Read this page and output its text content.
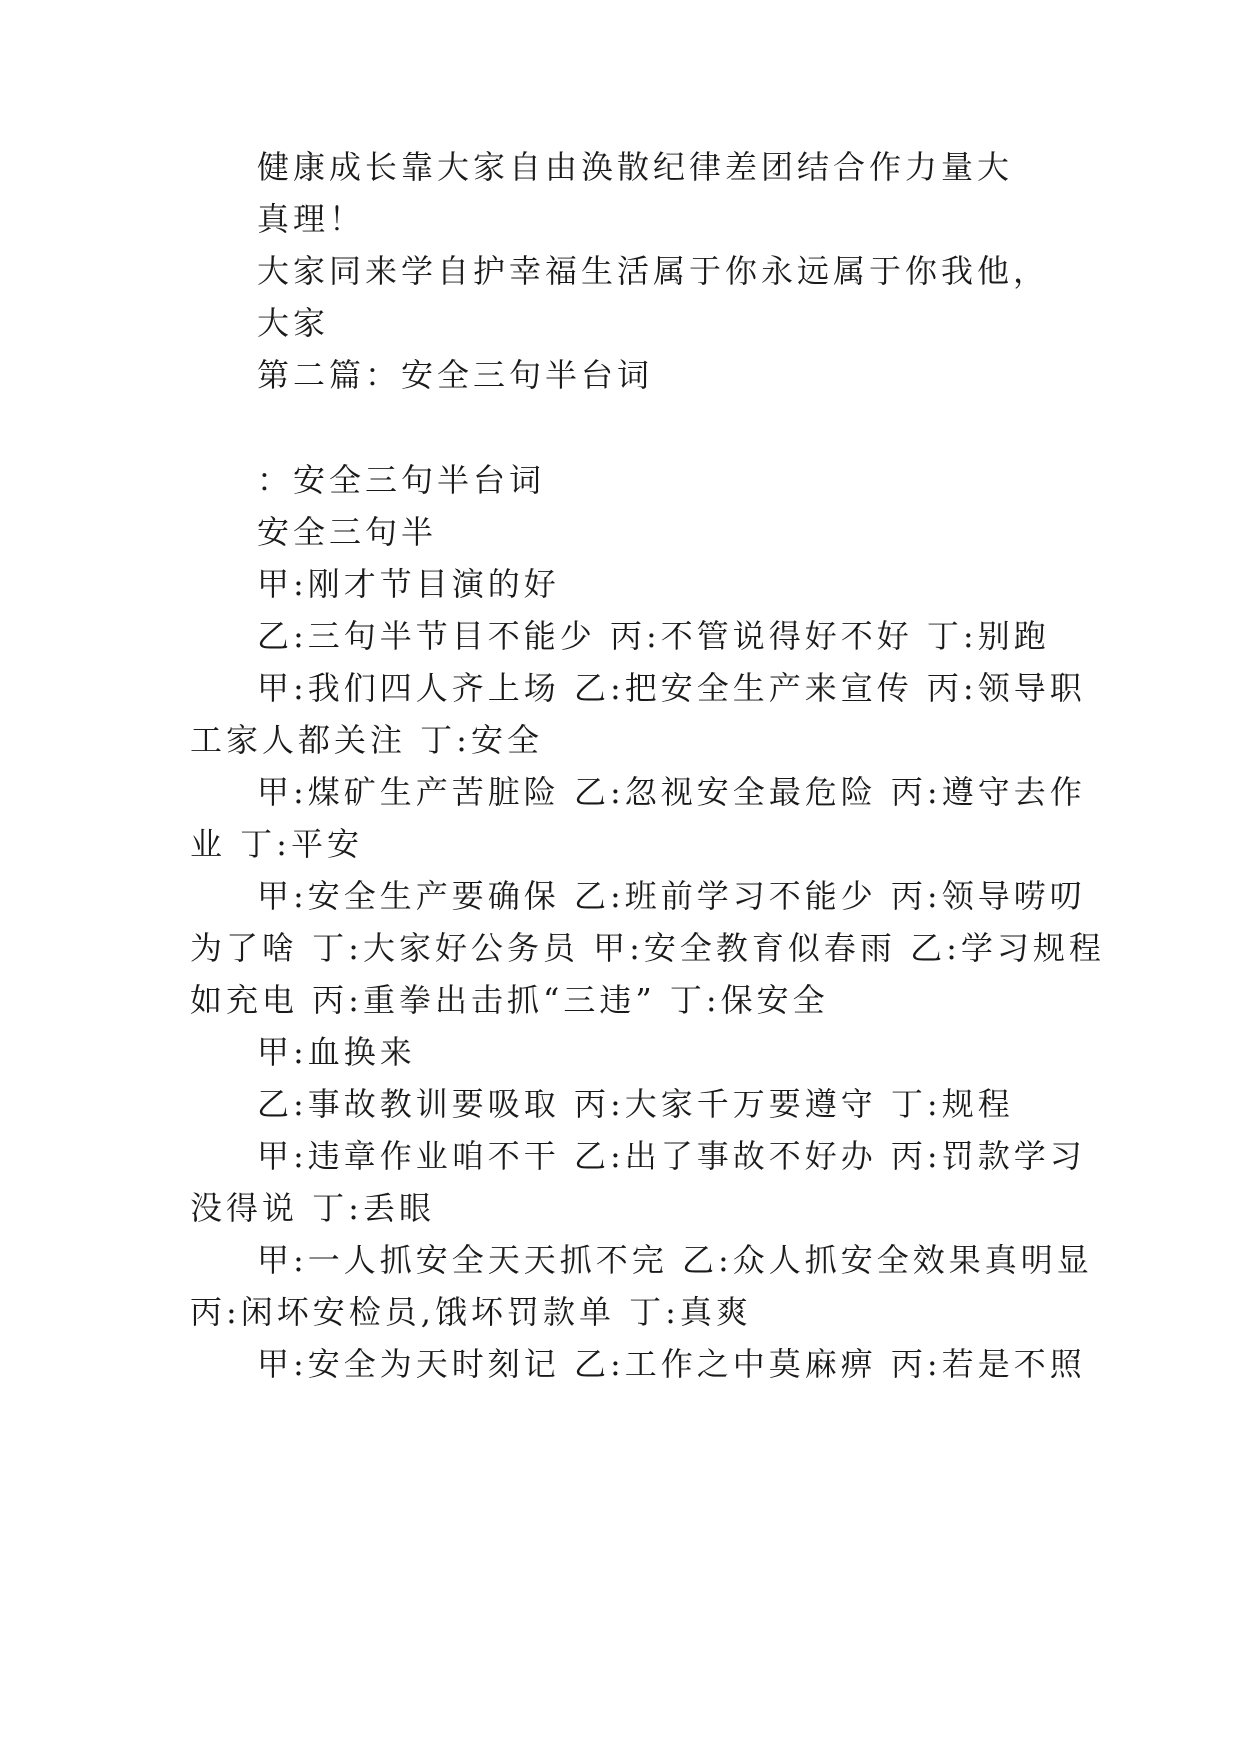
健康成长靠大家自由涣散纪律差团结合作力量大
真理！
大家同来学自护幸福生活属于你永远属于你我他，
大家
第二篇：安全三句半台词
：安全三句半台词
安全三句半
甲:刚才节目演的好
乙:三句半节目不能少 丙:不管说得好不好 丁:别跑
甲:我们四人齐上场 乙:把安全生产来宣传 丙:领导职
工家人都关注 丁:安全
甲:煤矿生产苦脏险 乙:忽视安全最危险 丙:遵守去作
业 丁:平安
甲:安全生产要确保 乙:班前学习不能少 丙:领导唠叨
为了啥 丁:大家好公务员 甲:安全教育似春雨 乙:学习规程
如充电 丙:重拳出击抓“三违” 丁:保安全
甲:血换来
乙:事故教训要吸取 丙:大家千万要遵守 丁:规程
甲:违章作业咱不干 乙:出了事故不好办 丙:罚款学习
没得说 丁:丢眼
甲:一人抓安全天天抓不完 乙:众人抓安全效果真明显
丙:闲坏安检员,饿坏罚款单 丁:真爽
甲:安全为天时刻记 乙:工作之中莫麻痹 丙:若是不照
